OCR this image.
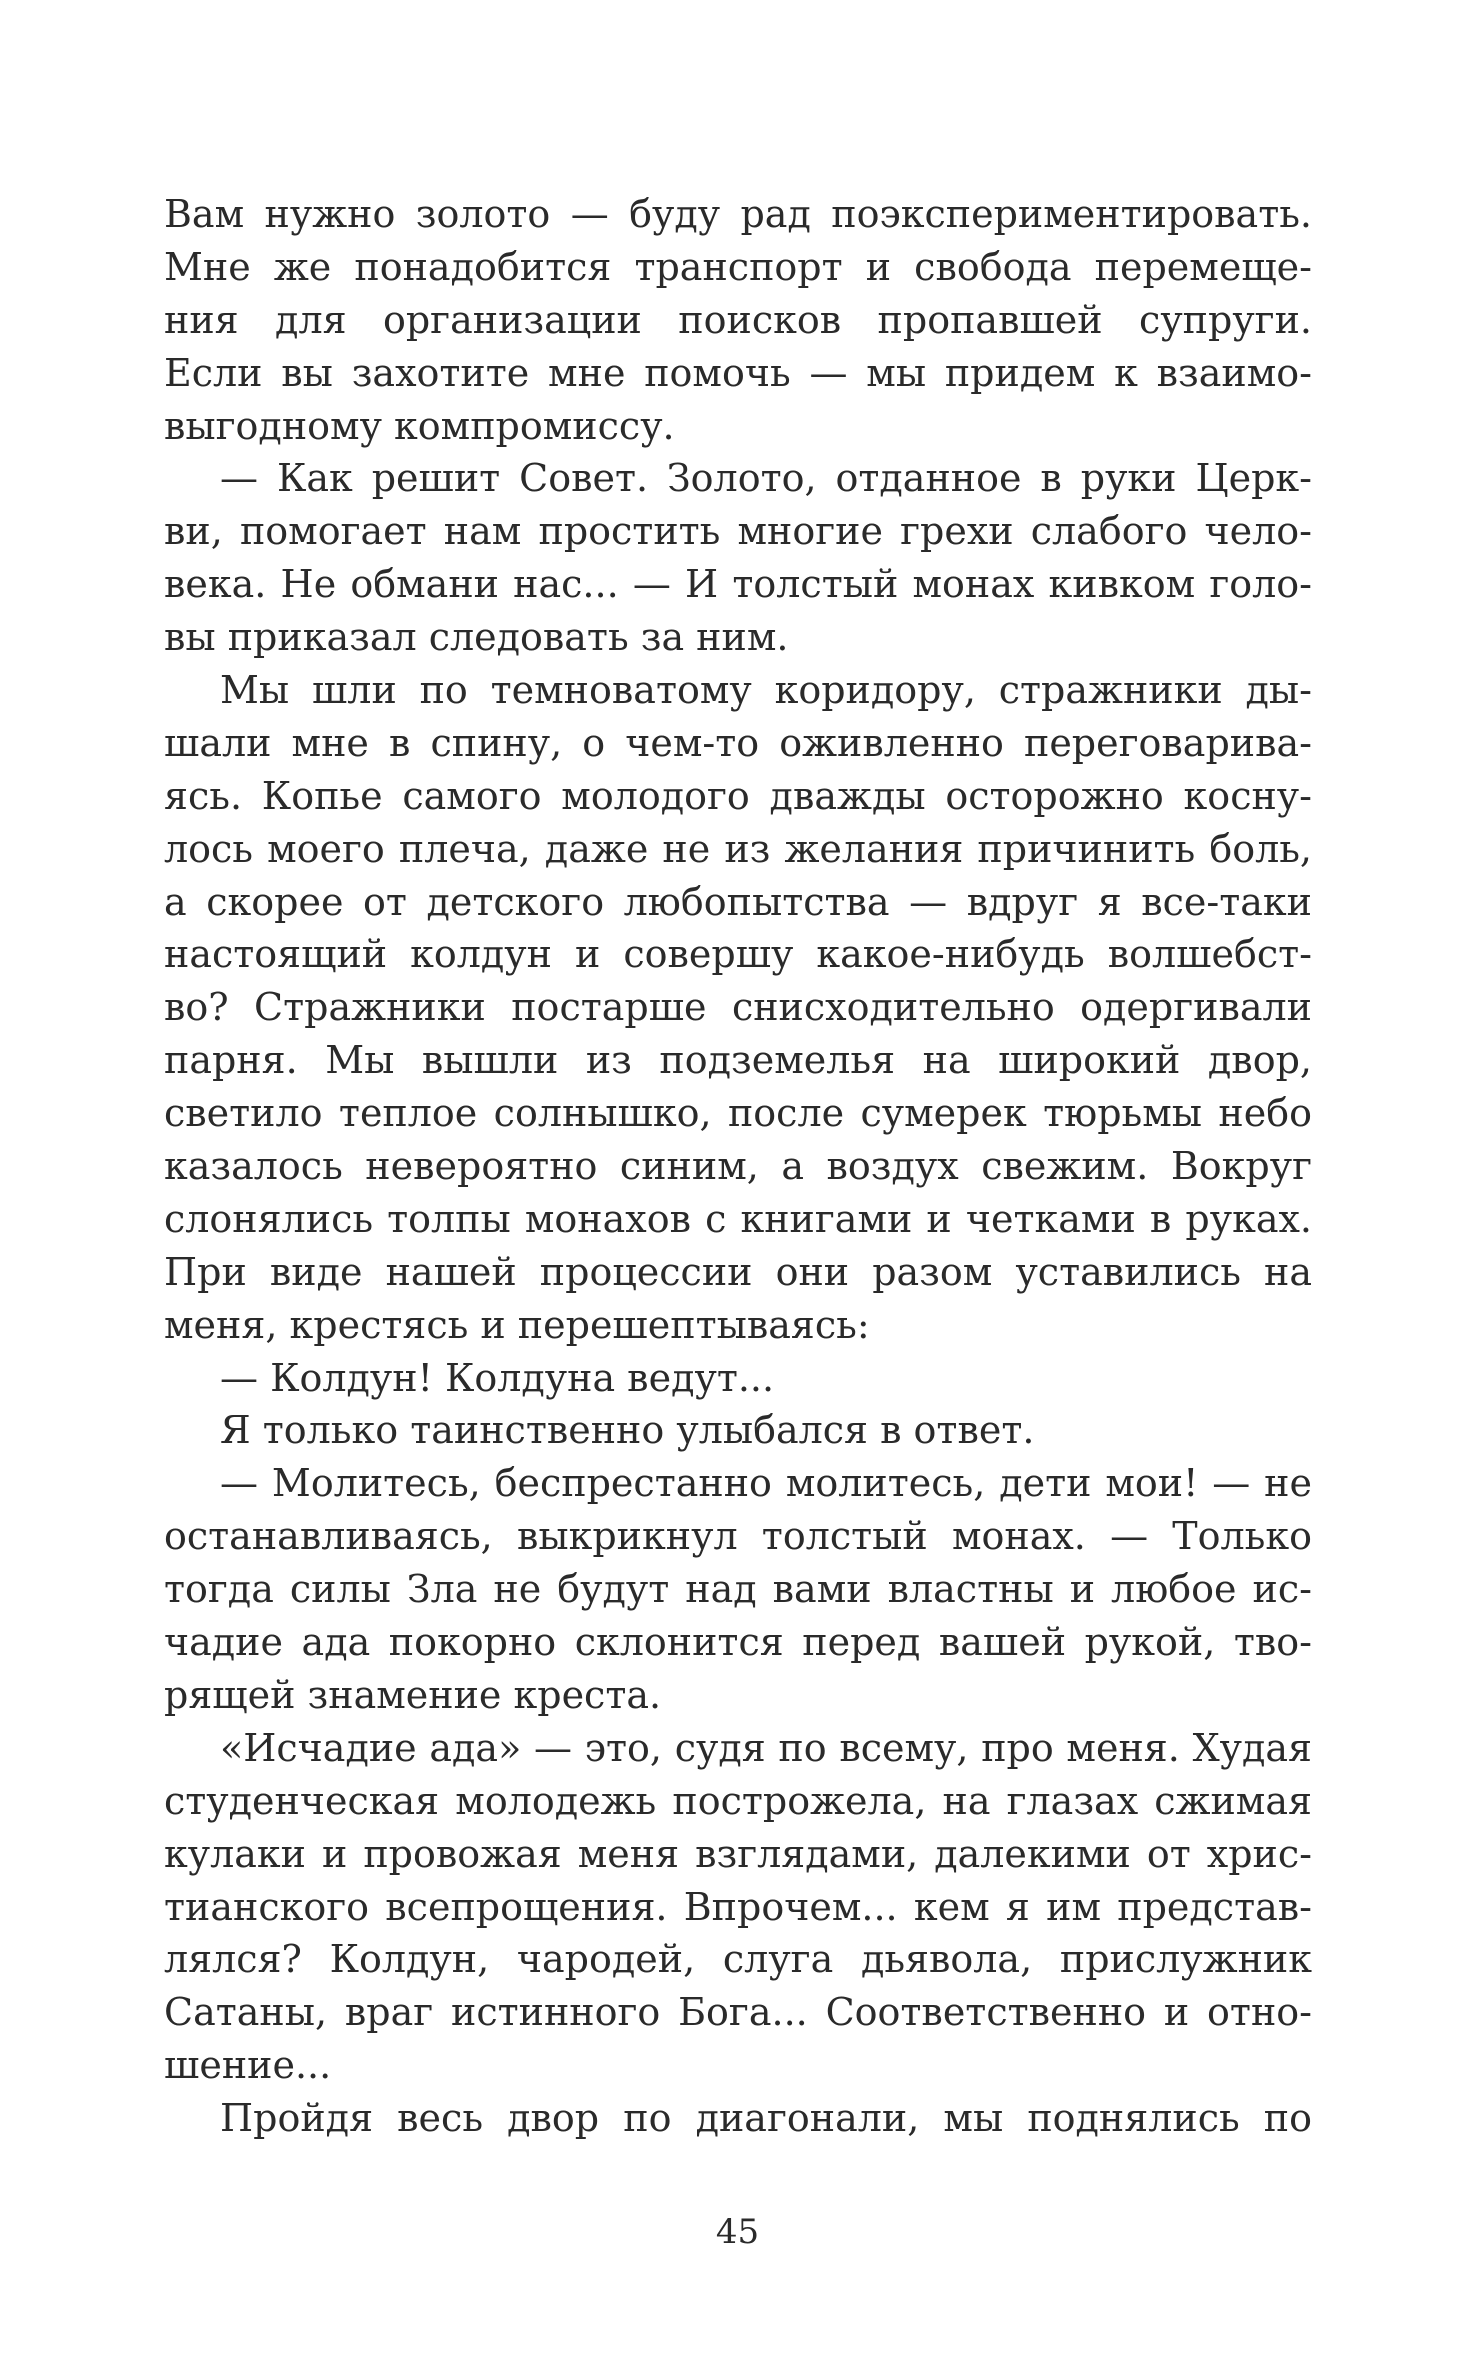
Вам нужно золото — буду рад поэкспериментировать.
Мне же понадобится транспорт и свобода перемеще-
ния для организации поисков пропавшей супруги.
Если вы захотите мне помочь — мы придем к взаимо-
выгодному компромиссу.
— Как решит Совет. Золото, отданное в руки Церк-
ви, помогает нам простить многие грехи слабого чело-
века. Не обмани нас... — И толстый монах кивком голо-
вы приказал следовать за ним.
Мы шли по темноватому коридору, стражники ды-
шали мне в спину, о чем-то оживленно переговарива-
ясь. Копье самого молодого дважды осторожно косну-
лось моего плеча, даже не из желания причинить боль,
а скорее от детского любопытства — вдруг я все-таки
настоящий колдун и совершу какое-нибудь волшебст-
во? Стражники постарше снисходительно одергивали
парня. Мы вышли из подземелья на широкий двор,
светило теплое солнышко, после сумерек тюрьмы небо
казалось невероятно синим, а воздух свежим. Вокруг
слонялись толпы монахов с книгами и четками в руках.
При виде нашей процессии они разом уставились на
меня, крестясь и перешептываясь:
— Колдун! Колдуна ведут...
Я только таинственно улыбался в ответ.
— Молитесь, беспрестанно молитесь, дети мои! — не
останавливаясь, выкрикнул толстый монах. — Только
тогда силы Зла не будут над вами властны и любое ис-
чадие ада покорно склонится перед вашей рукой, тво-
рящей знамение креста.
«Исчадие ада» — это, судя по всему, про меня. Худая
студенческая молодежь построжела, на глазах сжимая
кулаки и провожая меня взглядами, далекими от хрис-
тианского всепрощения. Впрочем... кем я им представ-
лялся? Колдун, чародей, слуга дьявола, прислужник
Сатаны, враг истинного Бога... Соответственно и отно-
шение...
Пройдя весь двор по диагонали, мы поднялись по
45
